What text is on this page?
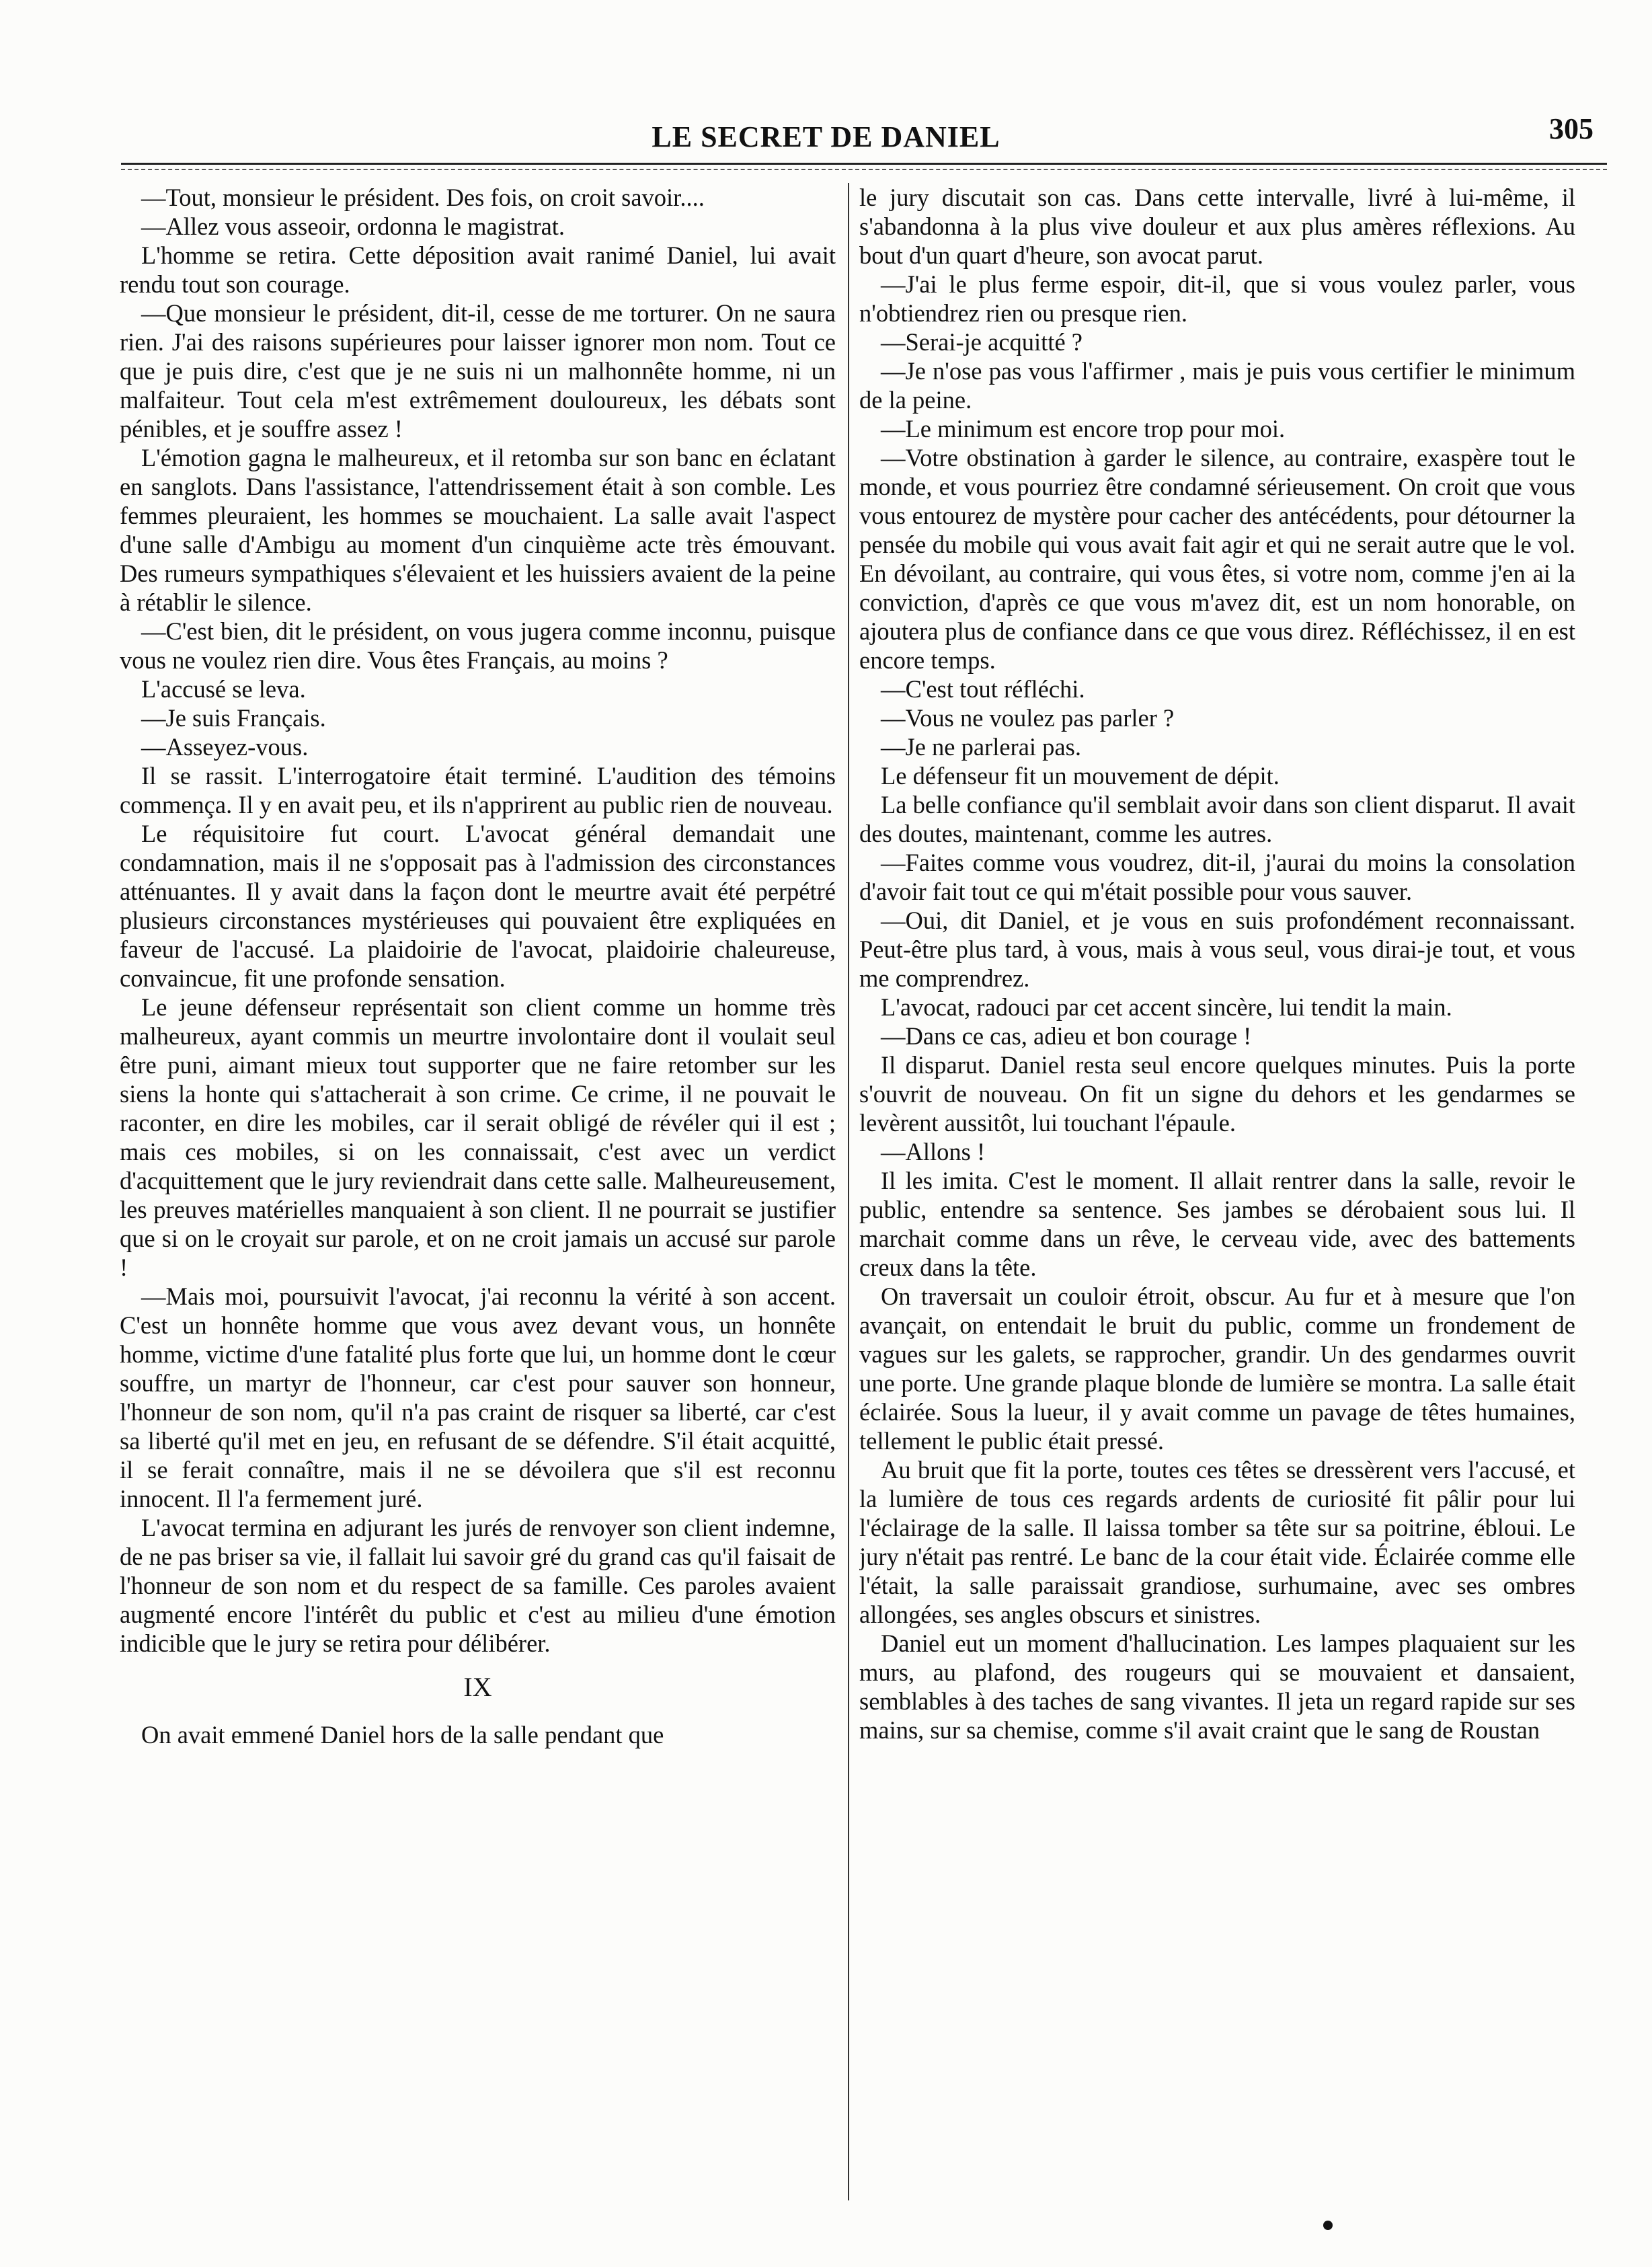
LE SECRET DE DANIEL	305

—Tout, monsieur le président. Des fois, on croit savoir....

—Allez vous asseoir, ordonna le magistrat.

L'homme se retira. Cette déposition avait ranimé Daniel, lui avait rendu tout son courage.

—Que monsieur le président, dit-il, cesse de me torturer. On ne saura rien. J'ai des raisons supérieures pour laisser ignorer mon nom. Tout ce que je puis dire, c'est que je ne suis ni un malhonnête homme, ni un malfaiteur. Tout cela m'est extrêmement douloureux, les débats sont pénibles, et je souffre assez !

L'émotion gagna le malheureux, et il retomba sur son banc en éclatant en sanglots. Dans l'assistance, l'attendrissement était à son comble. Les femmes pleuraient, les hommes se mouchaient. La salle avait l'aspect d'une salle d'Ambigu au moment d'un cinquième acte très émouvant. Des rumeurs sympathiques s'élevaient et les huissiers avaient de la peine à rétablir le silence.

—C'est bien, dit le président, on vous jugera comme inconnu, puisque vous ne voulez rien dire. Vous êtes Français, au moins ?

L'accusé se leva.

—Je suis Français.

—Asseyez-vous.

Il se rassit. L'interrogatoire était terminé. L'audition des témoins commença. Il y en avait peu, et ils n'apprirent au public rien de nouveau.

Le réquisitoire fut court. L'avocat général demandait une condamnation, mais il ne s'opposait pas à l'admission des circonstances atténuantes. Il y avait dans la façon dont le meurtre avait été perpétré plusieurs circonstances mystérieuses qui pouvaient être expliquées en faveur de l'accusé. La plaidoirie de l'avocat, plaidoirie chaleureuse, convaincue, fit une profonde sensation.

Le jeune défenseur représentait son client comme un homme très malheureux, ayant commis un meurtre involontaire dont il voulait seul être puni, aimant mieux tout supporter que ne faire retomber sur les siens la honte qui s'attacherait à son crime. Ce crime, il ne pouvait le raconter, en dire les mobiles, car il serait obligé de révéler qui il est ; mais ces mobiles, si on les connaissait, c'est avec un verdict d'acquittement que le jury reviendrait dans cette salle. Malheureusement, les preuves matérielles manquaient à son client. Il ne pourrait se justifier que si on le croyait sur parole, et on ne croit jamais un accusé sur parole !

—Mais moi, poursuivit l'avocat, j'ai reconnu la vérité à son accent. C'est un honnête homme que vous avez devant vous, un honnête homme, victime d'une fatalité plus forte que lui, un homme dont le cœur souffre, un martyr de l'honneur, car c'est pour sauver son honneur, l'honneur de son nom, qu'il n'a pas craint de risquer sa liberté, car c'est sa liberté qu'il met en jeu, en refusant de se défendre. S'il était acquitté, il se ferait connaître, mais il ne se dévoilera que s'il est reconnu innocent. Il l'a fermement juré.

L'avocat termina en adjurant les jurés de renvoyer son client indemne, de ne pas briser sa vie, il fallait lui savoir gré du grand cas qu'il faisait de l'honneur de son nom et du respect de sa famille. Ces paroles avaient augmenté encore l'intérêt du public et c'est au milieu d'une émotion indicible que le jury se retira pour délibérer.

IX

On avait emmené Daniel hors de la salle pendant que

le jury discutait son cas. Dans cette intervalle, livré à lui-même, il s'abandonna à la plus vive douleur et aux plus amères réflexions. Au bout d'un quart d'heure, son avocat parut.

—J'ai le plus ferme espoir, dit-il, que si vous voulez parler, vous n'obtiendrez rien ou presque rien.

—Serai-je acquitté ?

—Je n'ose pas vous l'affirmer , mais je puis vous certifier le minimum de la peine.

—Le minimum est encore trop pour moi.

—Votre obstination à garder le silence, au contraire, exaspère tout le monde, et vous pourriez être condamné sérieusement. On croit que vous vous entourez de mystère pour cacher des antécédents, pour détourner la pensée du mobile qui vous avait fait agir et qui ne serait autre que le vol. En dévoilant, au contraire, qui vous êtes, si votre nom, comme j'en ai la conviction, d'après ce que vous m'avez dit, est un nom honorable, on ajoutera plus de confiance dans ce que vous direz. Réfléchissez, il en est encore temps.

—C'est tout réfléchi.

—Vous ne voulez pas parler ?

—Je ne parlerai pas.

Le défenseur fit un mouvement de dépit.

La belle confiance qu'il semblait avoir dans son client disparut. Il avait des doutes, maintenant, comme les autres.

—Faites comme vous voudrez, dit-il, j'aurai du moins la consolation d'avoir fait tout ce qui m'était possible pour vous sauver.

—Oui, dit Daniel, et je vous en suis profondément reconnaissant. Peut-être plus tard, à vous, mais à vous seul, vous dirai-je tout, et vous me comprendrez.

L'avocat, radouci par cet accent sincère, lui tendit la main.

—Dans ce cas, adieu et bon courage !

Il disparut. Daniel resta seul encore quelques minutes. Puis la porte s'ouvrit de nouveau. On fit un signe du dehors et les gendarmes se levèrent aussitôt, lui touchant l'épaule.

—Allons !

Il les imita. C'est le moment. Il allait rentrer dans la salle, revoir le public, entendre sa sentence. Ses jambes se dérobaient sous lui. Il marchait comme dans un rêve, le cerveau vide, avec des battements creux dans la tête.

On traversait un couloir étroit, obscur. Au fur et à mesure que l'on avançait, on entendait le bruit du public, comme un frondement de vagues sur les galets, se rapprocher, grandir. Un des gendarmes ouvrit une porte. Une grande plaque blonde de lumière se montra. La salle était éclairée. Sous la lueur, il y avait comme un pavage de têtes humaines, tellement le public était pressé.

Au bruit que fit la porte, toutes ces têtes se dressèrent vers l'accusé, et la lumière de tous ces regards ardents de curiosité fit pâlir pour lui l'éclairage de la salle. Il laissa tomber sa tête sur sa poitrine, ébloui. Le jury n'était pas rentré. Le banc de la cour était vide. Éclairée comme elle l'était, la salle paraissait grandiose, surhumaine, avec ses ombres allongées, ses angles obscurs et sinistres.

Daniel eut un moment d'hallucination. Les lampes plaquaient sur les murs, au plafond, des rougeurs qui se mouvaient et dansaient, semblables à des taches de sang vivantes. Il jeta un regard rapide sur ses mains, sur sa chemise, comme s'il avait craint que le sang de Roustan
